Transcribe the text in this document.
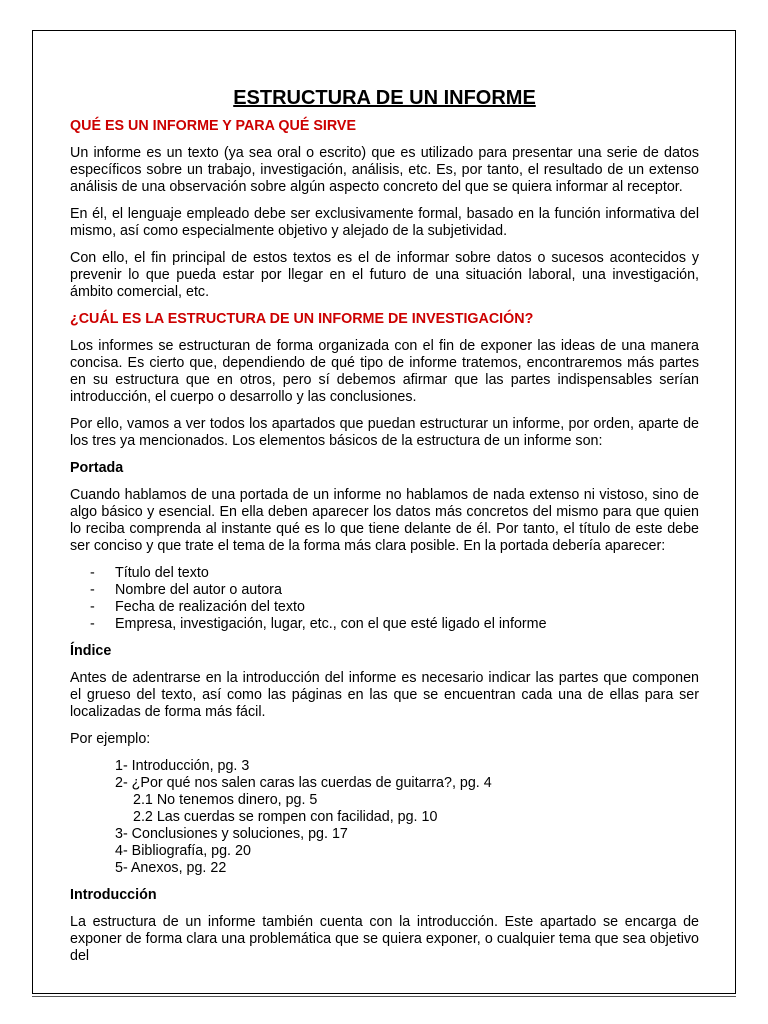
ESTRUCTURA DE UN INFORME
QUÉ ES UN INFORME Y PARA QUÉ SIRVE

Un informe es un texto (ya sea oral o escrito) que es utilizado para presentar una serie de datos específicos sobre un trabajo, investigación, análisis, etc. Es, por tanto, el resultado de un extenso análisis de una observación sobre algún aspecto concreto del que se quiera informar al receptor.

En él, el lenguaje empleado debe ser exclusivamente formal, basado en la función informativa del mismo, así como especialmente objetivo y alejado de la subjetividad.

Con ello, el fin principal de estos textos es el de informar sobre datos o sucesos acontecidos y prevenir lo que pueda estar por llegar en el futuro de una situación laboral, una investigación, ámbito comercial, etc.

¿CUÁL ES LA ESTRUCTURA DE UN INFORME DE INVESTIGACIÓN?

Los informes se estructuran de forma organizada con el fin de exponer las ideas de una manera concisa. Es cierto que, dependiendo de qué tipo de informe tratemos, encontraremos más partes en su estructura que en otros, pero sí debemos afirmar que las partes indispensables serían introducción, el cuerpo o desarrollo y las conclusiones.

Por ello, vamos a ver todos los apartados que puedan estructurar un informe, por orden, aparte de los tres ya mencionados. Los elementos básicos de la estructura de un informe son:

Portada

Cuando hablamos de una portada de un informe no hablamos de nada extenso ni vistoso, sino de algo básico y esencial. En ella deben aparecer los datos más concretos del mismo para que quien lo reciba comprenda al instante qué es lo que tiene delante de él. Por tanto, el título de este debe ser conciso y que trate el tema de la forma más clara posible. En la portada debería aparecer:

- Título del texto
- Nombre del autor o autora
- Fecha de realización del texto
- Empresa, investigación, lugar, etc., con el que esté ligado el informe
Índice

Antes de adentrarse en la introducción del informe es necesario indicar las partes que componen el grueso del texto, así como las páginas en las que se encuentran cada una de ellas para ser localizadas de forma más fácil.

Por ejemplo:

1- Introducción, pg. 3
2- ¿Por qué nos salen caras las cuerdas de guitarra?, pg. 4
2.1 No tenemos dinero, pg. 5
2.2 Las cuerdas se rompen con facilidad, pg. 10
3- Conclusiones y soluciones, pg. 17
4- Bibliografía, pg. 20
5- Anexos, pg. 22
Introducción

La estructura de un informe también cuenta con la introducción. Este apartado se encarga de exponer de forma clara una problemática que se quiera exponer, o cualquier tema que sea objetivo del
